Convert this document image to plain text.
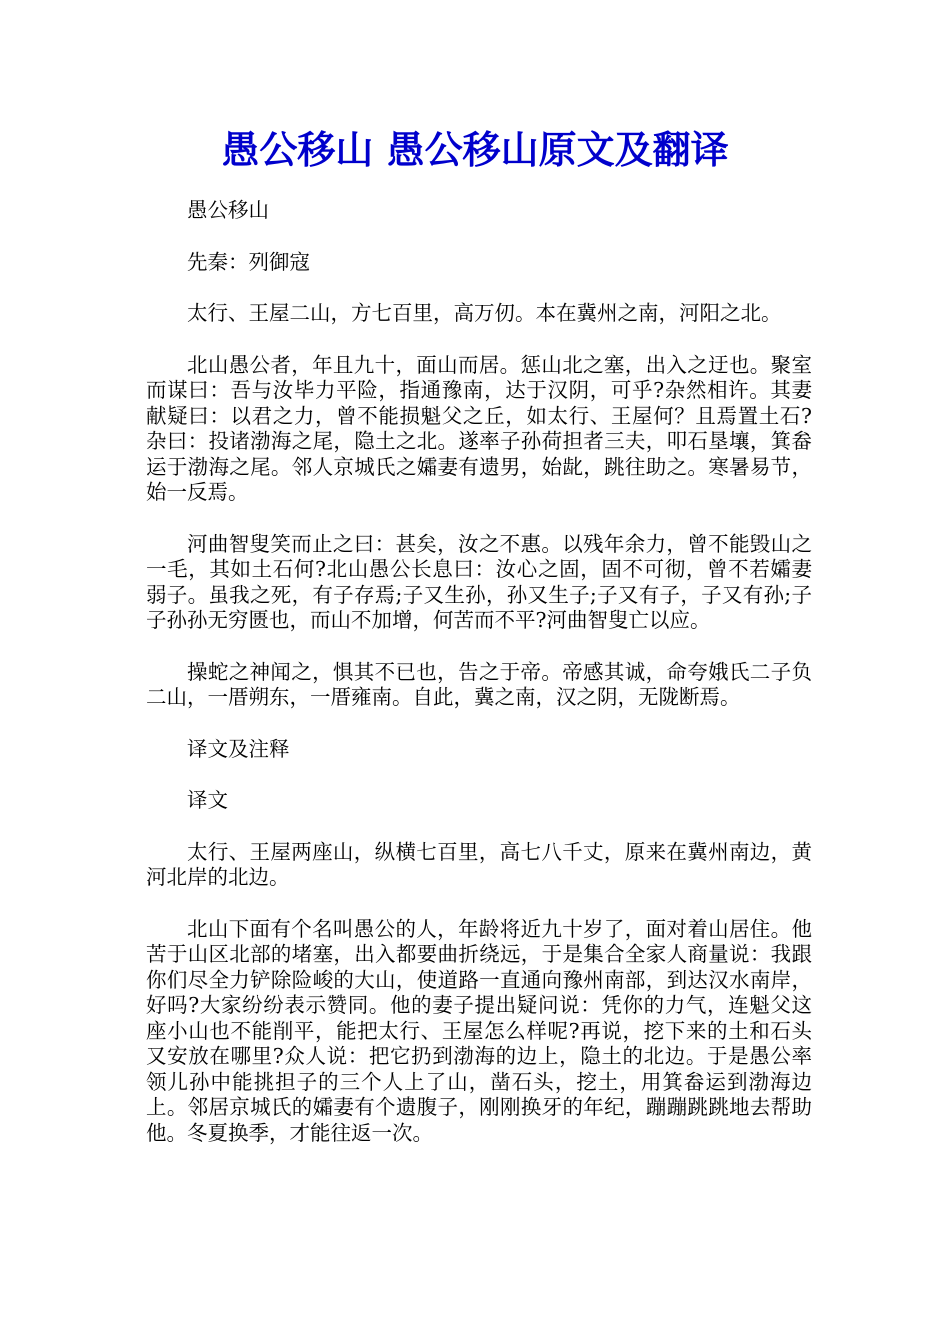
愚公移山 愚公移山原文及翻译

愚公移山

先秦：列御寇

太行、王屋二山，方七百里，高万仞。本在冀州之南，河阳之北。

北山愚公者，年且九十，面山而居。惩山北之塞，出入之迂也。聚室而谋曰：吾与汝毕力平险，指通豫南，达于汉阴，可乎?杂然相许。其妻献疑曰：以君之力，曾不能损魁父之丘，如太行、王屋何？且焉置土石?杂曰：投诸渤海之尾，隐土之北。遂率子孙荷担者三夫，叩石垦壤，箕畚运于渤海之尾。邻人京城氏之孀妻有遗男，始龀，跳往助之。寒暑易节，始一反焉。

河曲智叟笑而止之曰：甚矣，汝之不惠。以残年余力，曾不能毁山之一毛，其如土石何?北山愚公长息曰：汝心之固，固不可彻，曾不若孀妻弱子。虽我之死，有子存焉;子又生孙，孙又生子;子又有子，子又有孙;子子孙孙无穷匮也，而山不加增，何苦而不平?河曲智叟亡以应。

操蛇之神闻之，惧其不已也，告之于帝。帝感其诚，命夸娥氏二子负二山，一厝朔东，一厝雍南。自此，冀之南，汉之阴，无陇断焉。

译文及注释

译文

太行、王屋两座山，纵横七百里，高七八千丈，原来在冀州南边，黄河北岸的北边。

北山下面有个名叫愚公的人，年龄将近九十岁了，面对着山居住。他苦于山区北部的堵塞，出入都要曲折绕远，于是集合全家人商量说：我跟你们尽全力铲除险峻的大山，使道路一直通向豫州南部，到达汉水南岸，好吗?大家纷纷表示赞同。他的妻子提出疑问说：凭你的力气，连魁父这座小山也不能削平，能把太行、王屋怎么样呢?再说，挖下来的土和石头又安放在哪里?众人说：把它扔到渤海的边上，隐土的北边。于是愚公率领儿孙中能挑担子的三个人上了山，凿石头，挖土，用箕畚运到渤海边上。邻居京城氏的孀妻有个遗腹子，刚刚换牙的年纪，蹦蹦跳跳地去帮助他。冬夏换季，才能往返一次。
